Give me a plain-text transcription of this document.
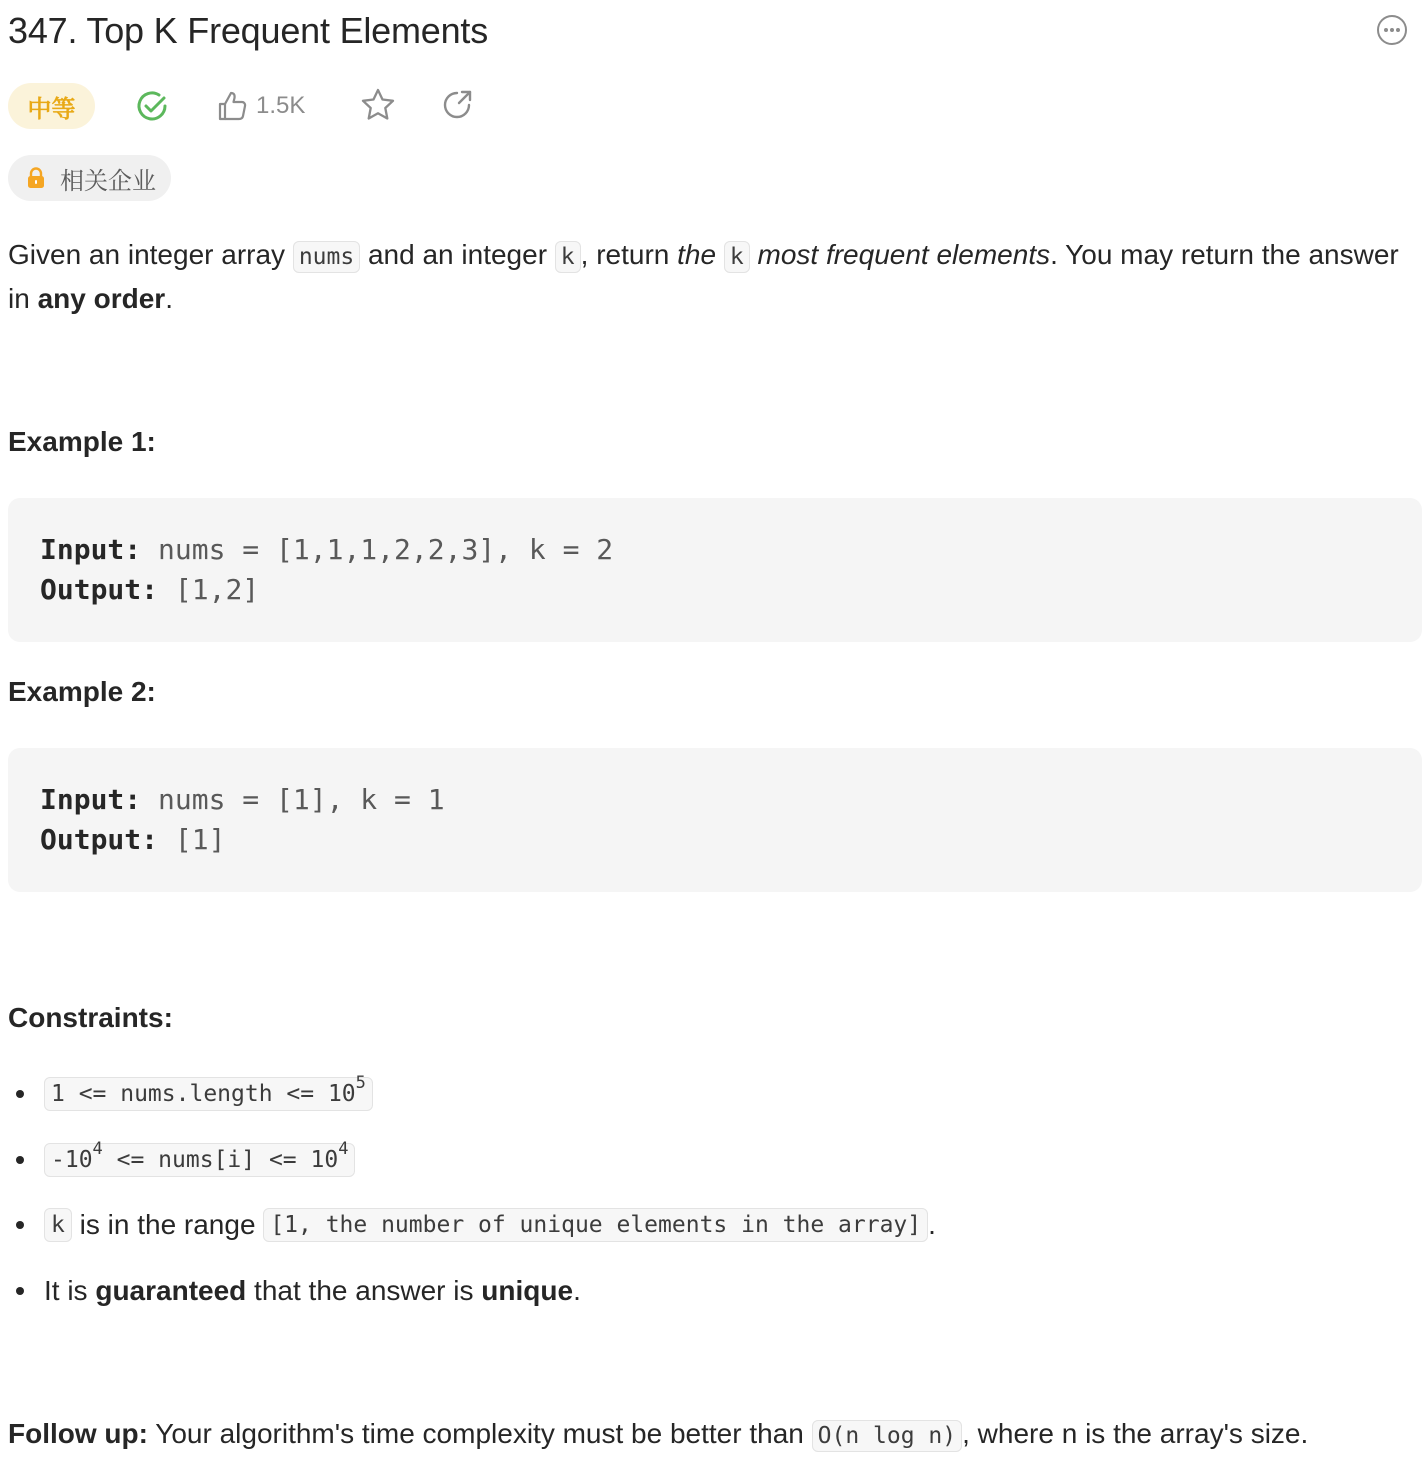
347. Top K Frequent Elements
中等	1.5K
相关企业
Given an integer array nums and an integer k , return the k most frequent elements. You may return the answer in any order.
Example 1:
Input: nums = [1,1,1,2,2,3], k = 2
Output: [1,2]
Example 2:
Input: nums = [1], k = 1
Output: [1]
Constraints:
1 <= nums.length <= $10^5$
$-10^4$ <= nums[i] <= $10^4$
k is in the range [1, the number of unique elements in the array] .
It is guaranteed that the answer is unique.
Follow up: Your algorithm's time complexity must be better than O(n log n) , where n is the array's size.
